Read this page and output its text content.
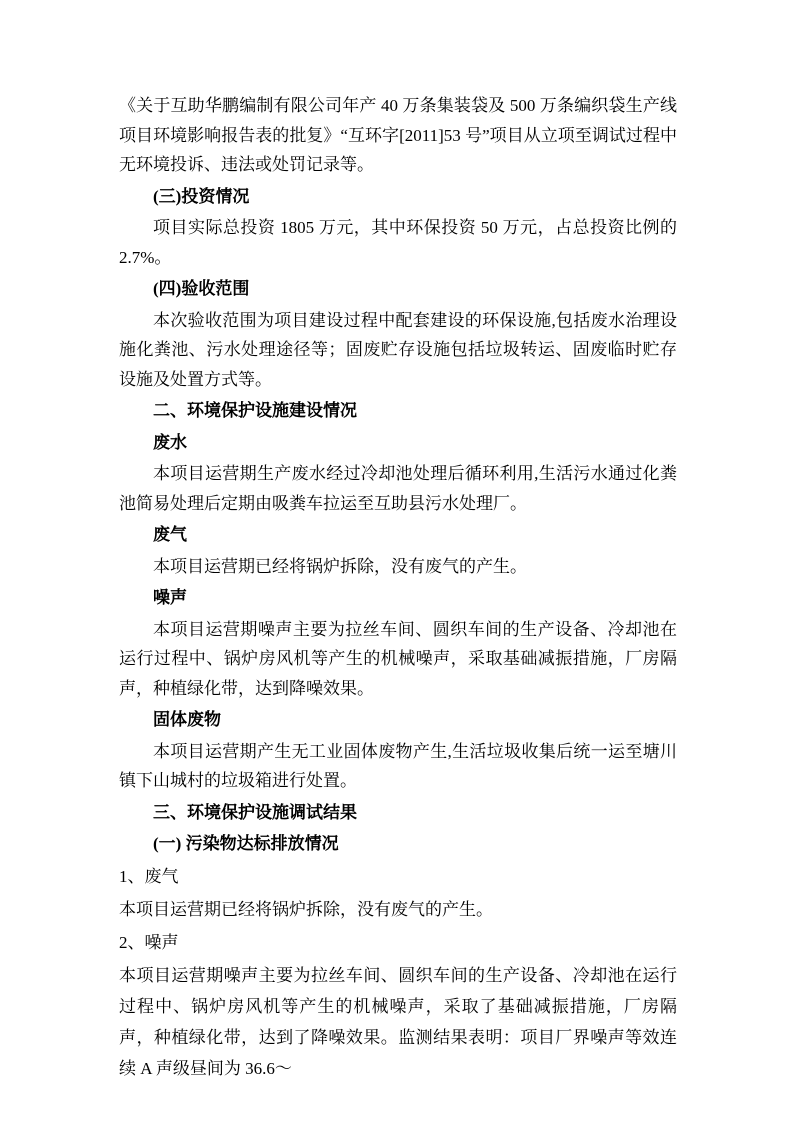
《关于互助华鹏编制有限公司年产 40 万条集装袋及 500 万条编织袋生产线项目环境影响报告表的批复》“互环字[2011]53 号”项目从立项至调试过程中无环境投诉、违法或处罚记录等。

(三)投资情况

项目实际总投资 1805 万元，其中环保投资 50 万元，占总投资比例的 2.7%。

(四)验收范围

本次验收范围为项目建设过程中配套建设的环保设施,包括废水治理设施化粪池、污水处理途径等；固废贮存设施包括垃圾转运、固废临时贮存设施及处置方式等。

二、环境保护设施建设情况

废水

本项目运营期生产废水经过冷却池处理后循环利用,生活污水通过化粪池简易处理后定期由吸粪车拉运至互助县污水处理厂。

废气

本项目运营期已经将锅炉拆除，没有废气的产生。

噪声

本项目运营期噪声主要为拉丝车间、圆织车间的生产设备、冷却池在运行过程中、锅炉房风机等产生的机械噪声，采取基础减振措施，厂房隔声，种植绿化带，达到降噪效果。

固体废物

本项目运营期产生无工业固体废物产生,生活垃圾收集后统一运至塘川镇下山城村的垃圾箱进行处置。

三、环境保护设施调试结果

(一) 污染物达标排放情况

1、废气

本项目运营期已经将锅炉拆除，没有废气的产生。

2、噪声

本项目运营期噪声主要为拉丝车间、圆织车间的生产设备、冷却池在运行过程中、锅炉房风机等产生的机械噪声，采取了基础减振措施，厂房隔声，种植绿化带，达到了降噪效果。监测结果表明：项目厂界噪声等效连续 A 声级昼间为 36.6～
